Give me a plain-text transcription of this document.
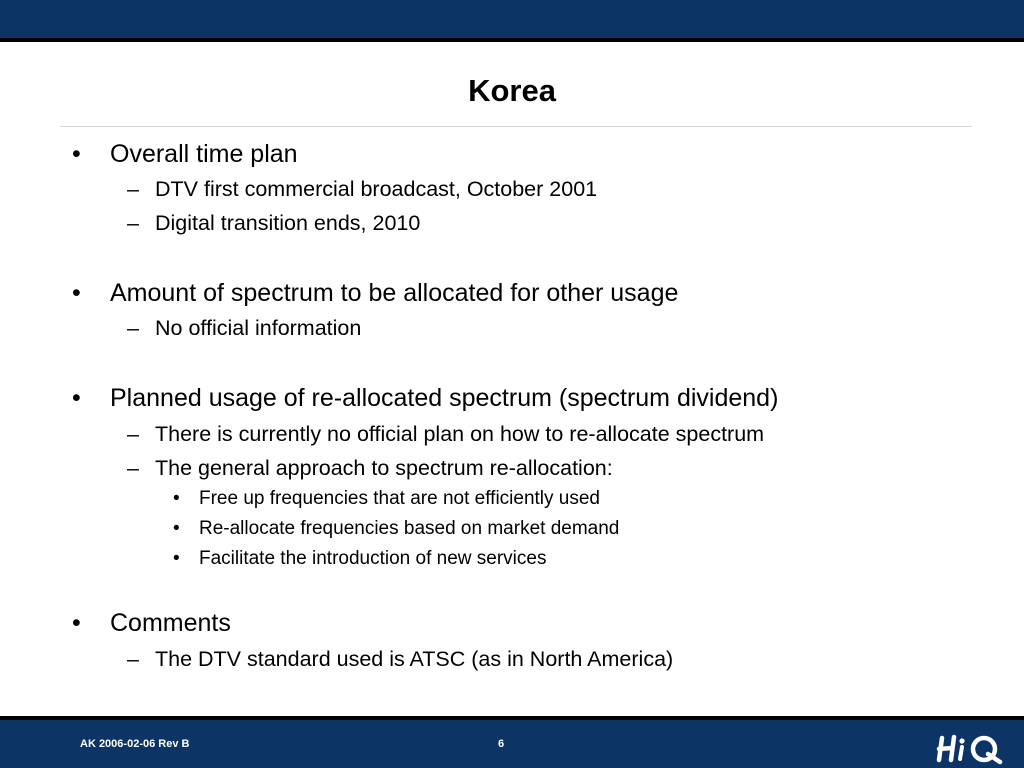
Korea
• Overall time plan
– DTV first commercial broadcast, October 2001
– Digital transition ends, 2010
• Amount of spectrum to be allocated for other usage
– No official information
• Planned usage of re-allocated spectrum (spectrum dividend)
– There is currently no official plan on how to re-allocate spectrum
– The general approach to spectrum re-allocation:
• Free up frequencies that are not efficiently used
• Re-allocate frequencies based on market demand
• Facilitate the introduction of new services
• Comments
– The DTV standard used is ATSC (as in North America)
AK 2006-02-06 Rev B	6
